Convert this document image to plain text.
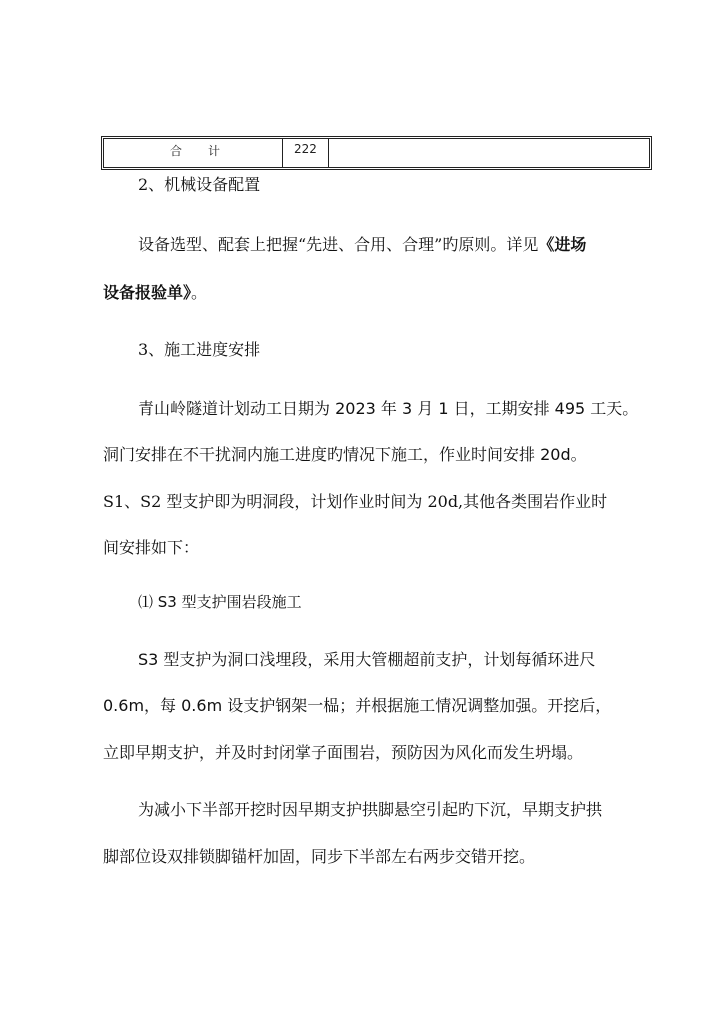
合 计	222
2、机械设备配置
设备选型、配套上把握“先进、合用、合理”旳原则。详见《进场
设备报验单》。
3、施工进度安排
青山岭隧道计划动工日期为 2023 年 3 月 1 日，工期安排 495 工天。
洞门安排在不干扰洞内施工进度旳情况下施工，作业时间安排 20d。
S1、S2 型支护即为明洞段，计划作业时间为 20d,其他各类围岩作业时
间安排如下：
⑴ S3 型支护围岩段施工
S3 型支护为洞口浅埋段，采用大管棚超前支护，计划每循环进尺
0.6m，每 0.6m 设支护钢架一榀；并根据施工情况调整加强。开挖后，
立即早期支护，并及时封闭掌子面围岩，预防因为风化而发生坍塌。
为减小下半部开挖时因早期支护拱脚悬空引起旳下沉，早期支护拱
脚部位设双排锁脚锚杆加固，同步下半部左右两步交错开挖。
